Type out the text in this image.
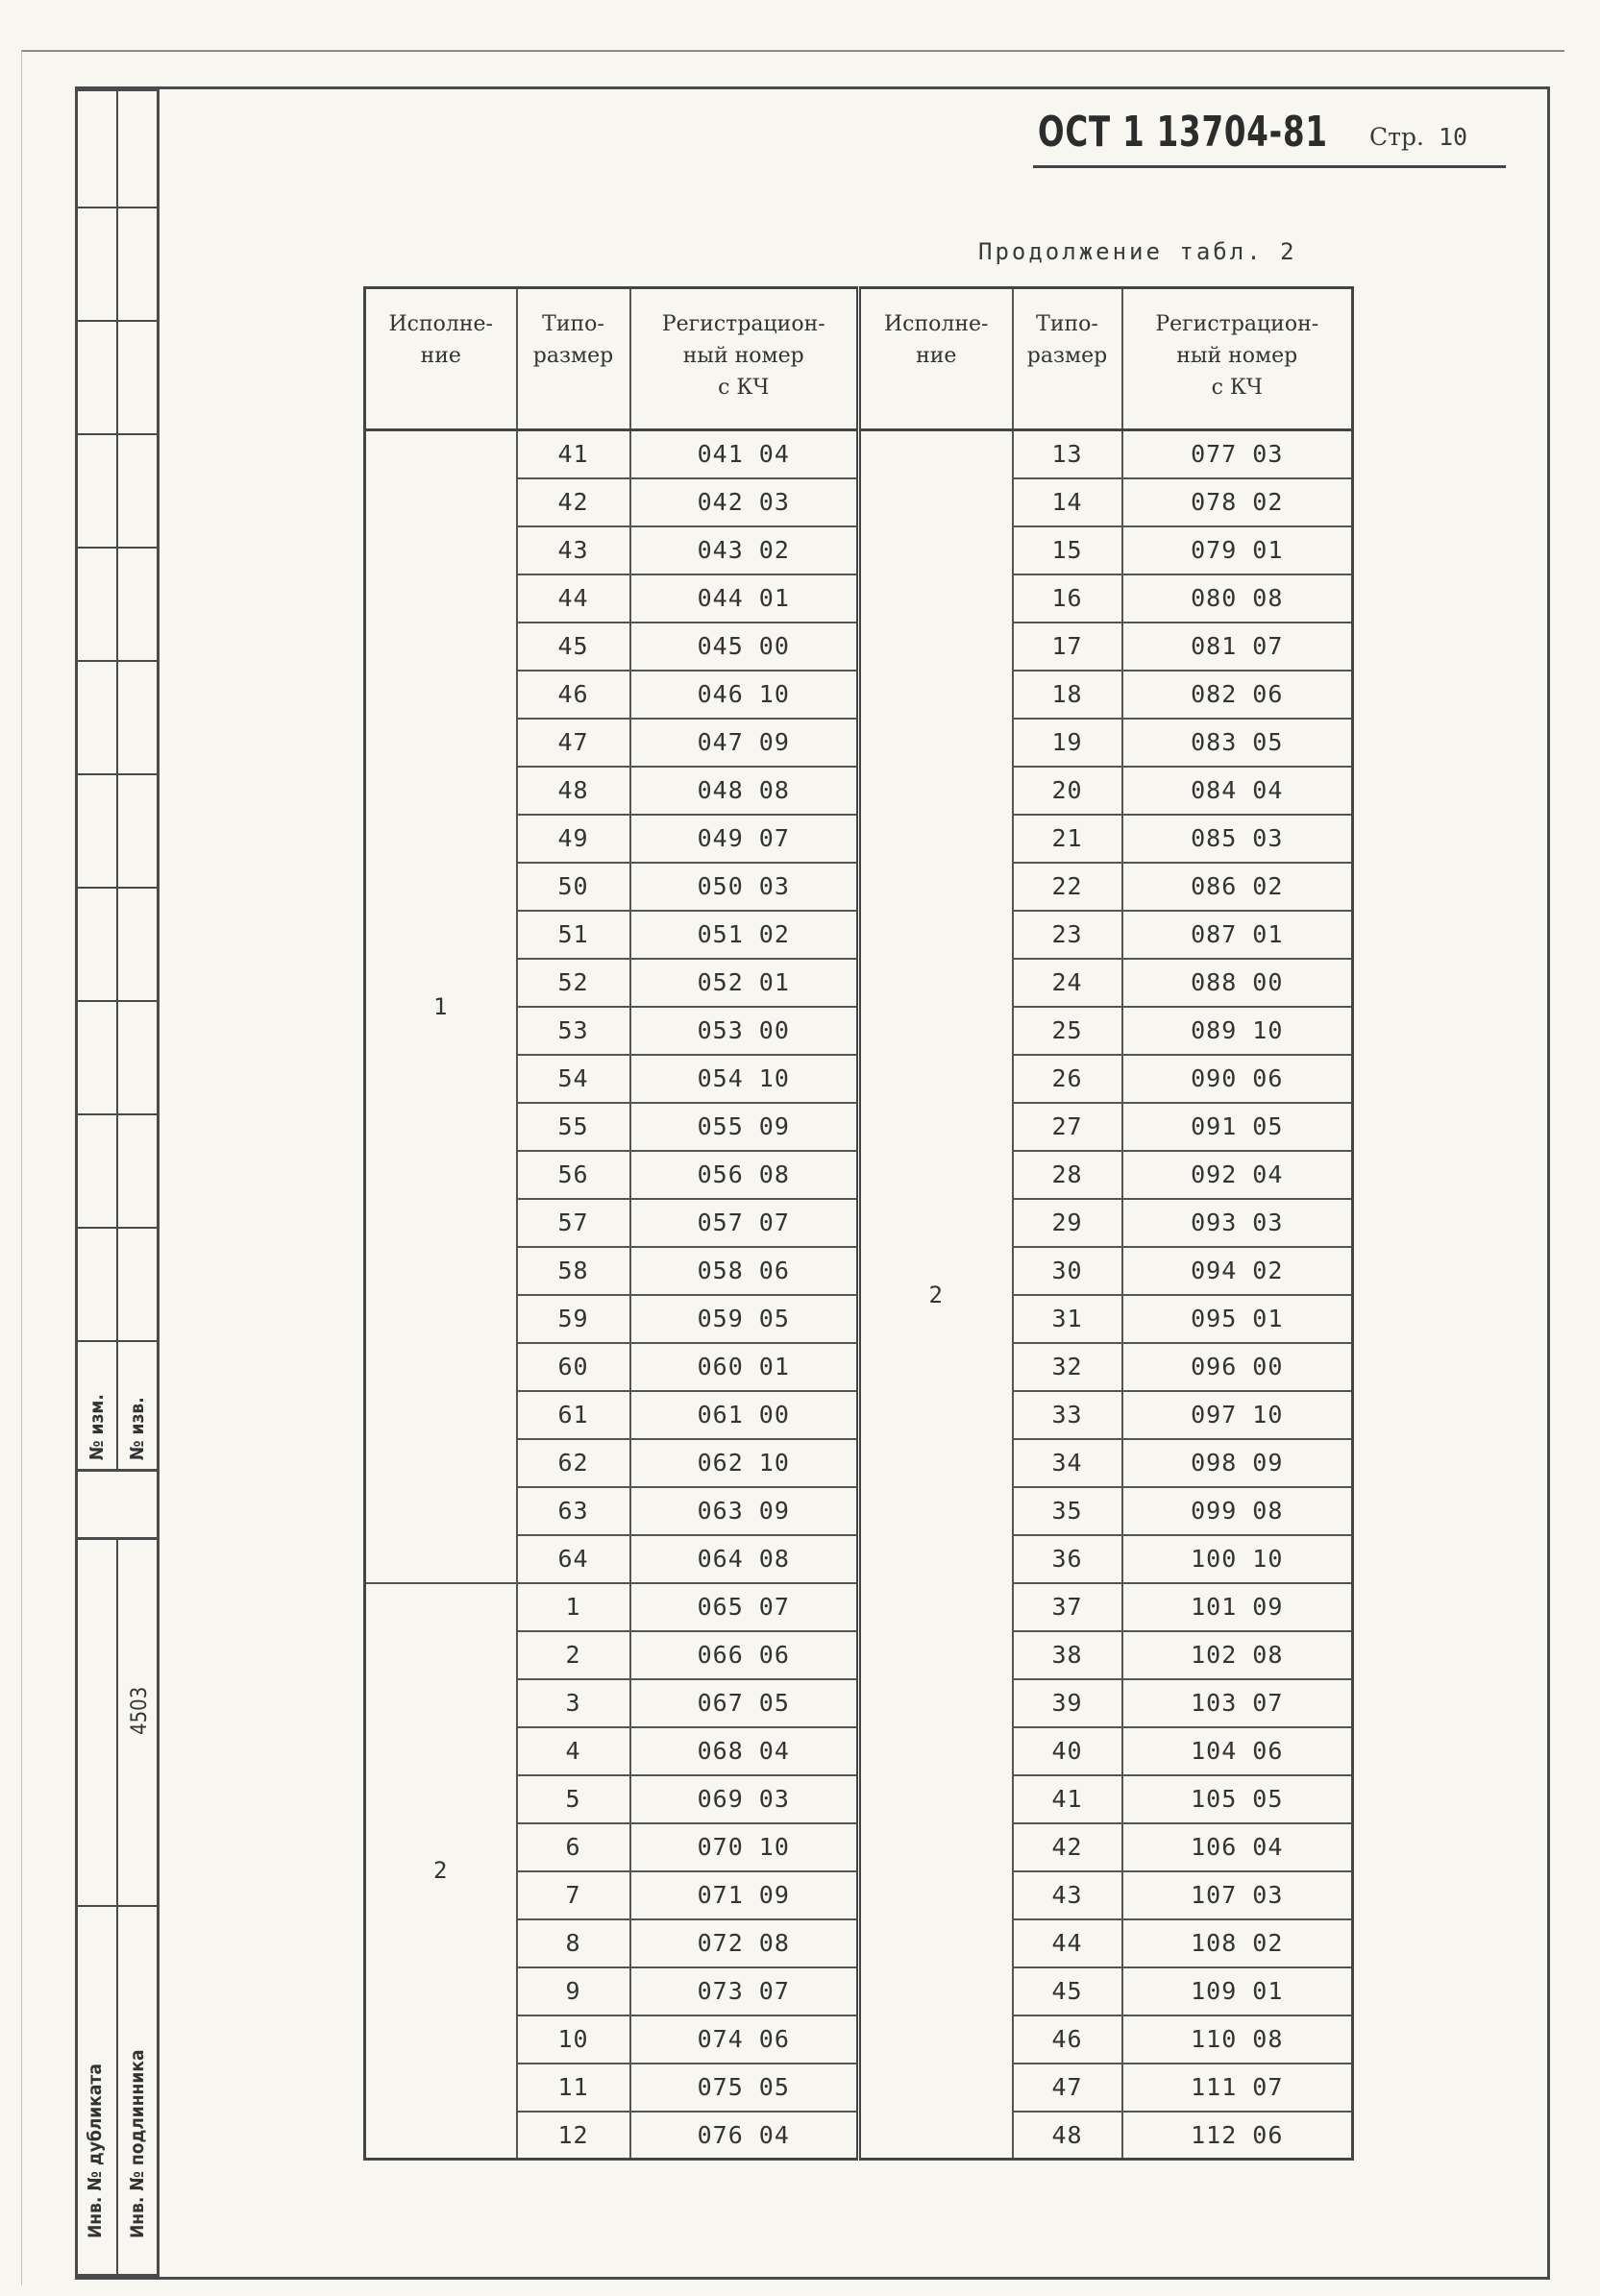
№ изм. № изв.
4503
Инв. № дубликата Инв. № подлинника
ОСТ 1 13704-81 Стр. 10
Продолжение табл. 2
Исполне-
ние	Типо-
размер	Регистрацион-
ный номер
с КЧ	Исполне-
ние	Типо-
размер	Регистрацион-
ный номер
с КЧ
1	41	041 04	2	13	077 03
	42	042 03		14	078 02
	43	043 02		15	079 01
	44	044 01		16	080 08
	45	045 00		17	081 07
	46	046 10		18	082 06
	47	047 09		19	083 05
	48	048 08		20	084 04
	49	049 07		21	085 03
	50	050 03		22	086 02
	51	051 02		23	087 01
	52	052 01		24	088 00
	53	053 00		25	089 10
	54	054 10		26	090 06
	55	055 09		27	091 05
	56	056 08		28	092 04
	57	057 07		29	093 03
	58	058 06		30	094 02
	59	059 05		31	095 01
	60	060 01		32	096 00
	61	061 00		33	097 10
	62	062 10		34	098 09
	63	063 09		35	099 08
	64	064 08		36	100 10
2	1	065 07		37	101 09
	2	066 06		38	102 08
	3	067 05		39	103 07
	4	068 04		40	104 06
	5	069 03		41	105 05
	6	070 10		42	106 04
	7	071 09		43	107 03
	8	072 08		44	108 02
	9	073 07		45	109 01
	10	074 06		46	110 08
	11	075 05		47	111 07
	12	076 04		48	112 06
